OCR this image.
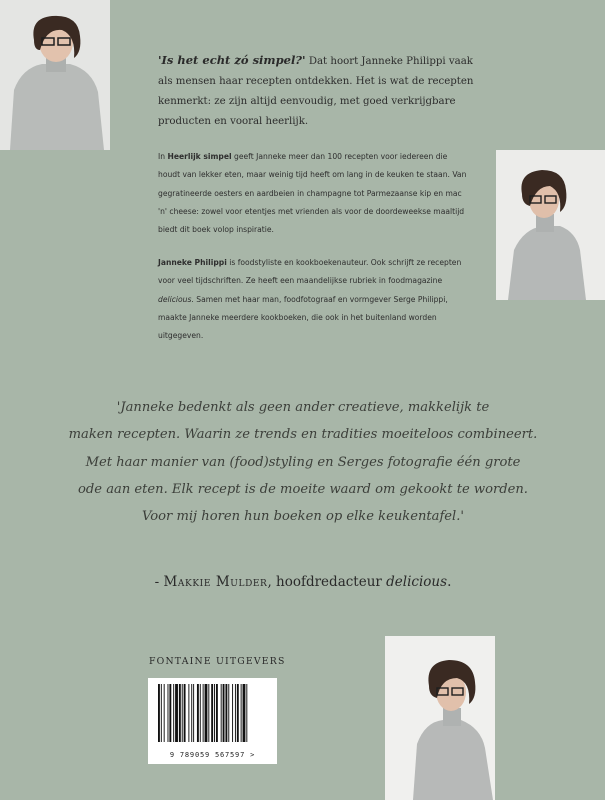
'Is het echt zó simpel?' Dat hoort Janneke Philippi vaak als mensen haar recepten ontdekken. Het is wat de recepten kenmerkt: ze zijn altijd eenvoudig, met goed verkrijgbare producten en vooral heerlijk.
In Heerlijk simpel geeft Janneke meer dan 100 recepten voor iedereen die houdt van lekker eten, maar weinig tijd heeft om lang in de keuken te staan. Van gegratineerde oesters en aardbeien in champagne tot Parmezaanse kip en mac 'n' cheese: zowel voor etentjes met vrienden als voor de doordeweekse maaltijd biedt dit boek volop inspiratie.
Janneke Philippi is foodstyliste en kookboekenauteur. Ook schrijft ze recepten voor veel tijdschriften. Ze heeft een maandelijkse rubriek in foodmagazine delicious. Samen met haar man, foodfotograaf en vormgever Serge Philippi, maakte Janneke meerdere kookboeken, die ook in het buitenland worden uitgegeven.
'Janneke bedenkt als geen ander creatieve, makkelijk te
maken recepten. Waarin ze trends en tradities moeiteloos combineert.
Met haar manier van (food)styling en Serges fotografie één grote
ode aan eten. Elk recept is de moeite waard om gekookt te worden.
Voor mij horen hun boeken op elke keukentafel.'
- Makkie Mulder, hoofdredacteur delicious.
FONTAINE UITGEVERS
9 789059 567597 >
